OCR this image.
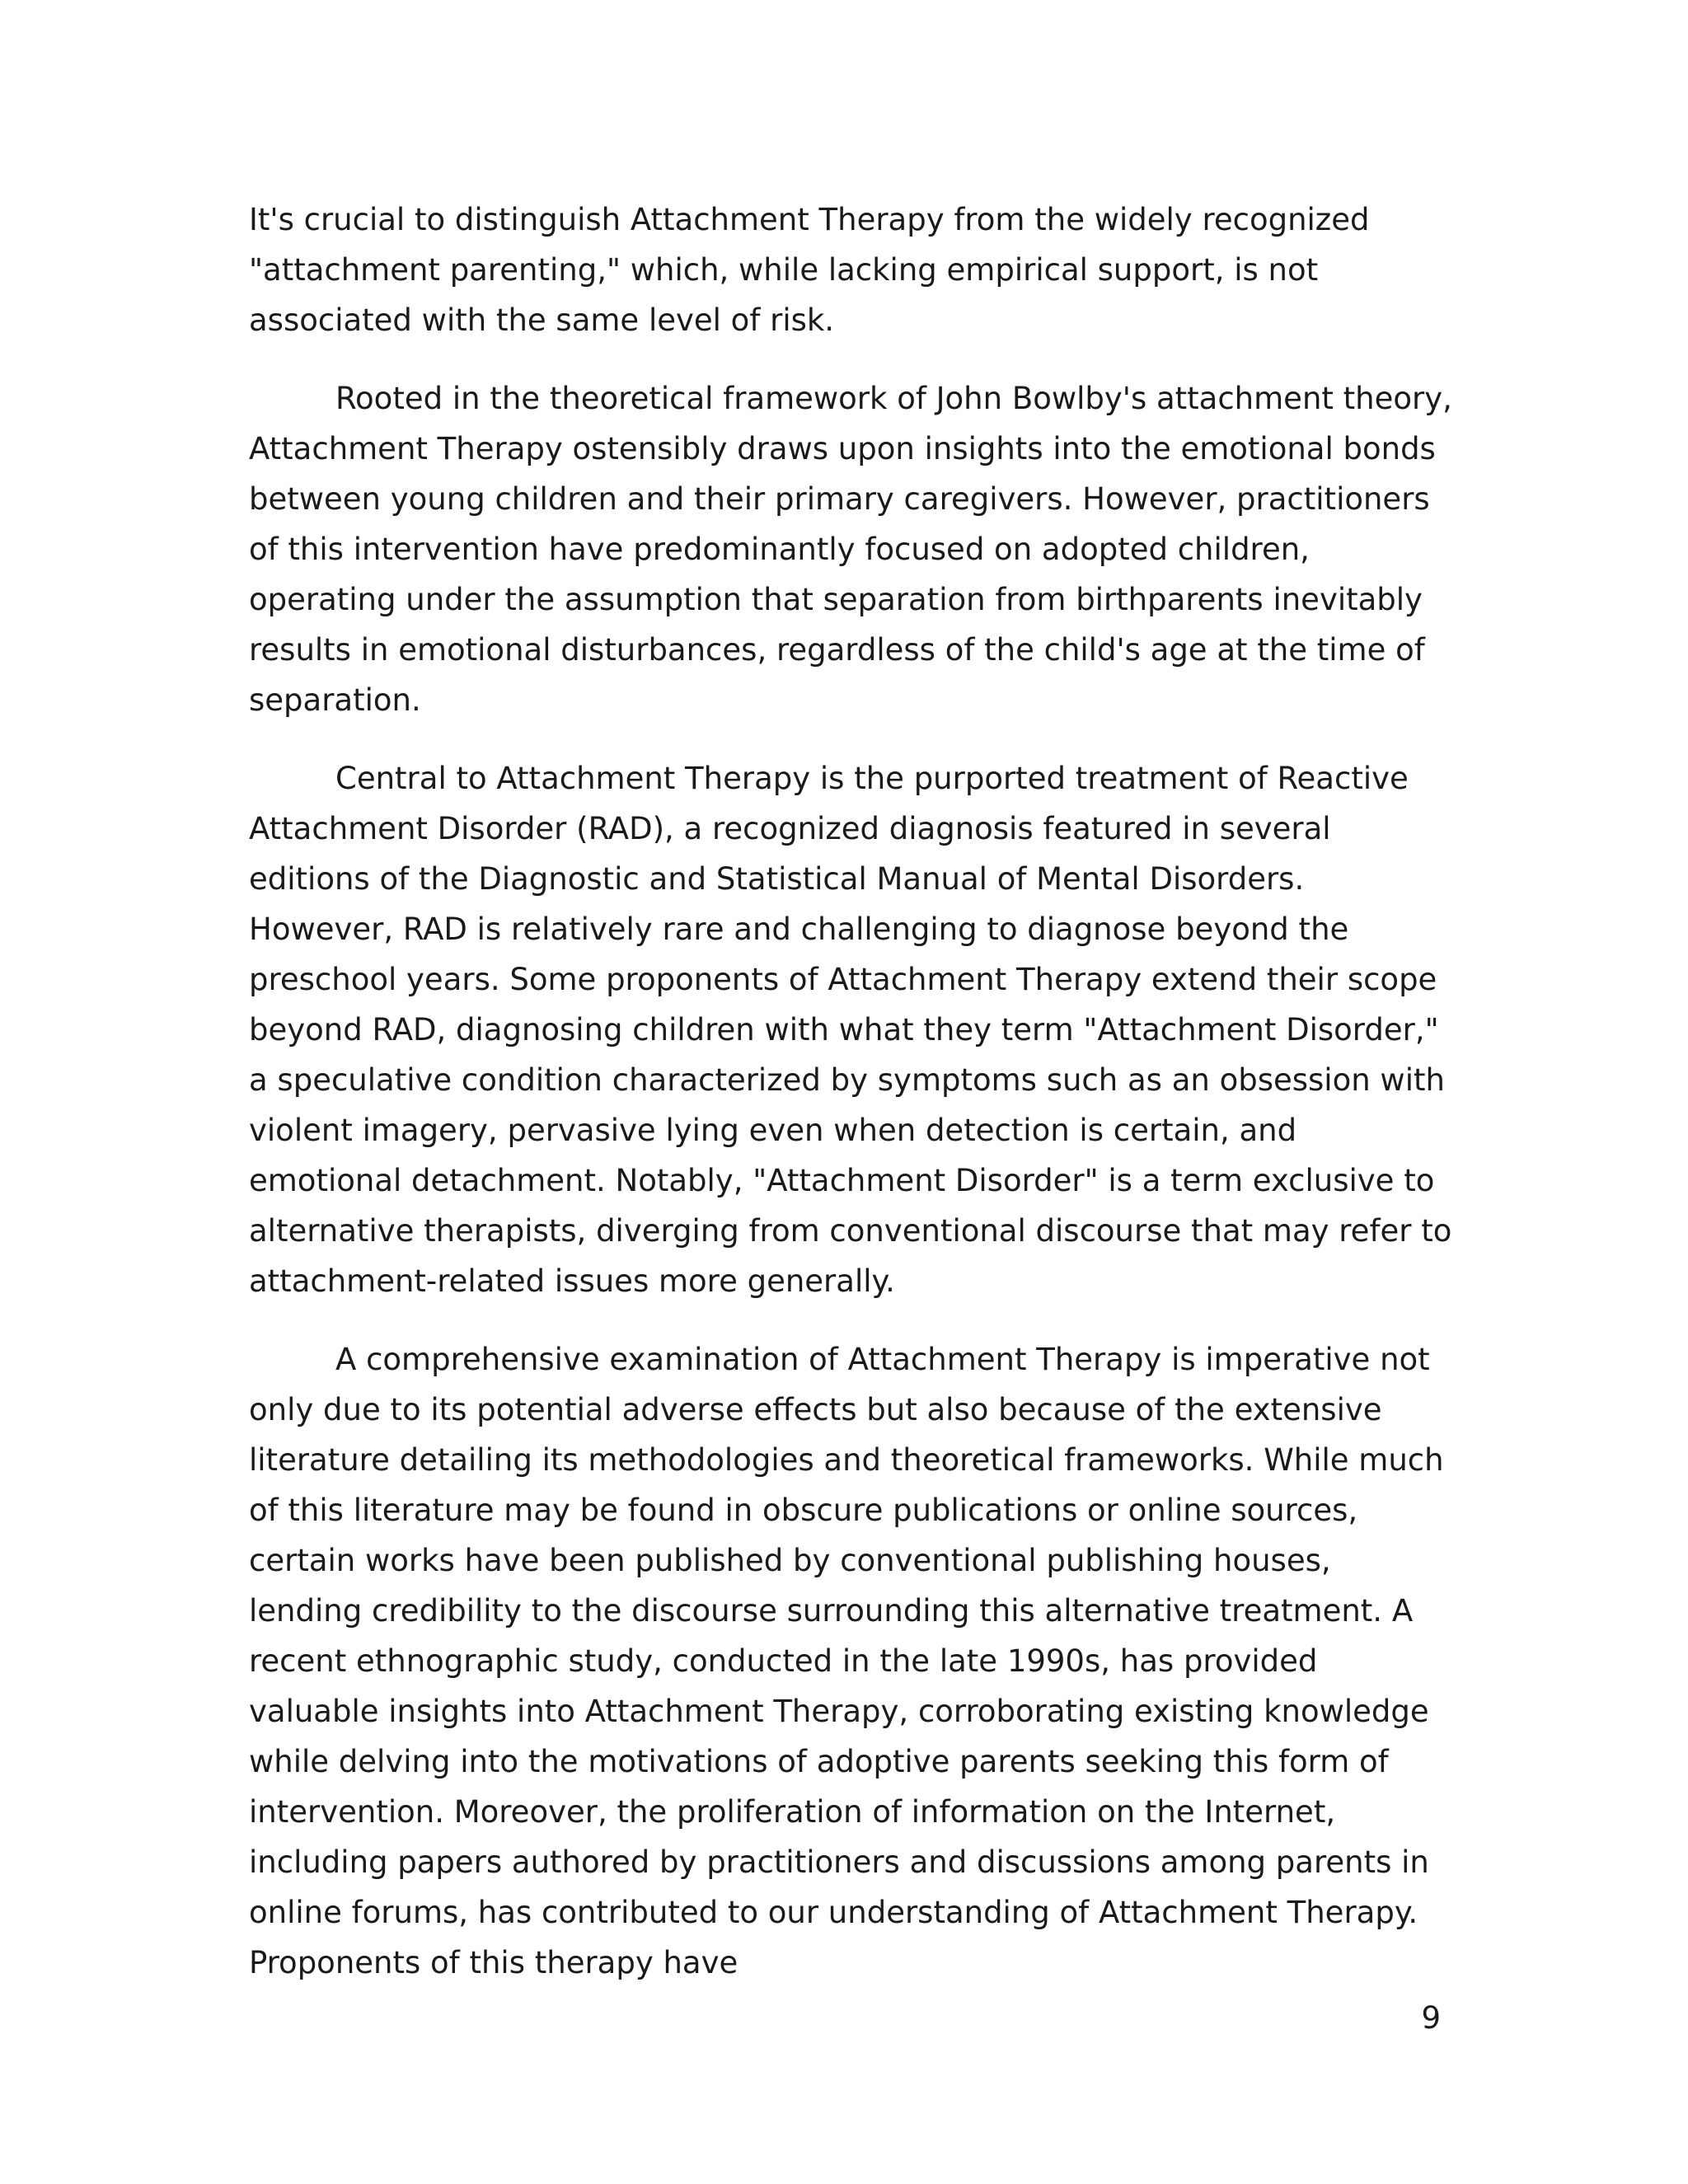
It's crucial to distinguish Attachment Therapy from the widely recognized "attachment parenting," which, while lacking empirical support, is not associated with the same level of risk.

Rooted in the theoretical framework of John Bowlby's attachment theory, Attachment Therapy ostensibly draws upon insights into the emotional bonds between young children and their primary caregivers. However, practitioners of this intervention have predominantly focused on adopted children, operating under the assumption that separation from birthparents inevitably results in emotional disturbances, regardless of the child's age at the time of separation.

Central to Attachment Therapy is the purported treatment of Reactive Attachment Disorder (RAD), a recognized diagnosis featured in several editions of the Diagnostic and Statistical Manual of Mental Disorders. However, RAD is relatively rare and challenging to diagnose beyond the preschool years. Some proponents of Attachment Therapy extend their scope beyond RAD, diagnosing children with what they term "Attachment Disorder," a speculative condition characterized by symptoms such as an obsession with violent imagery, pervasive lying even when detection is certain, and emotional detachment. Notably, "Attachment Disorder" is a term exclusive to alternative therapists, diverging from conventional discourse that may refer to attachment-related issues more generally.

A comprehensive examination of Attachment Therapy is imperative not only due to its potential adverse effects but also because of the extensive literature detailing its methodologies and theoretical frameworks. While much of this literature may be found in obscure publications or online sources, certain works have been published by conventional publishing houses, lending credibility to the discourse surrounding this alternative treatment. A recent ethnographic study, conducted in the late 1990s, has provided valuable insights into Attachment Therapy, corroborating existing knowledge while delving into the motivations of adoptive parents seeking this form of intervention. Moreover, the proliferation of information on the Internet, including papers authored by practitioners and discussions among parents in online forums, has contributed to our understanding of Attachment Therapy. Proponents of this therapy have

9
